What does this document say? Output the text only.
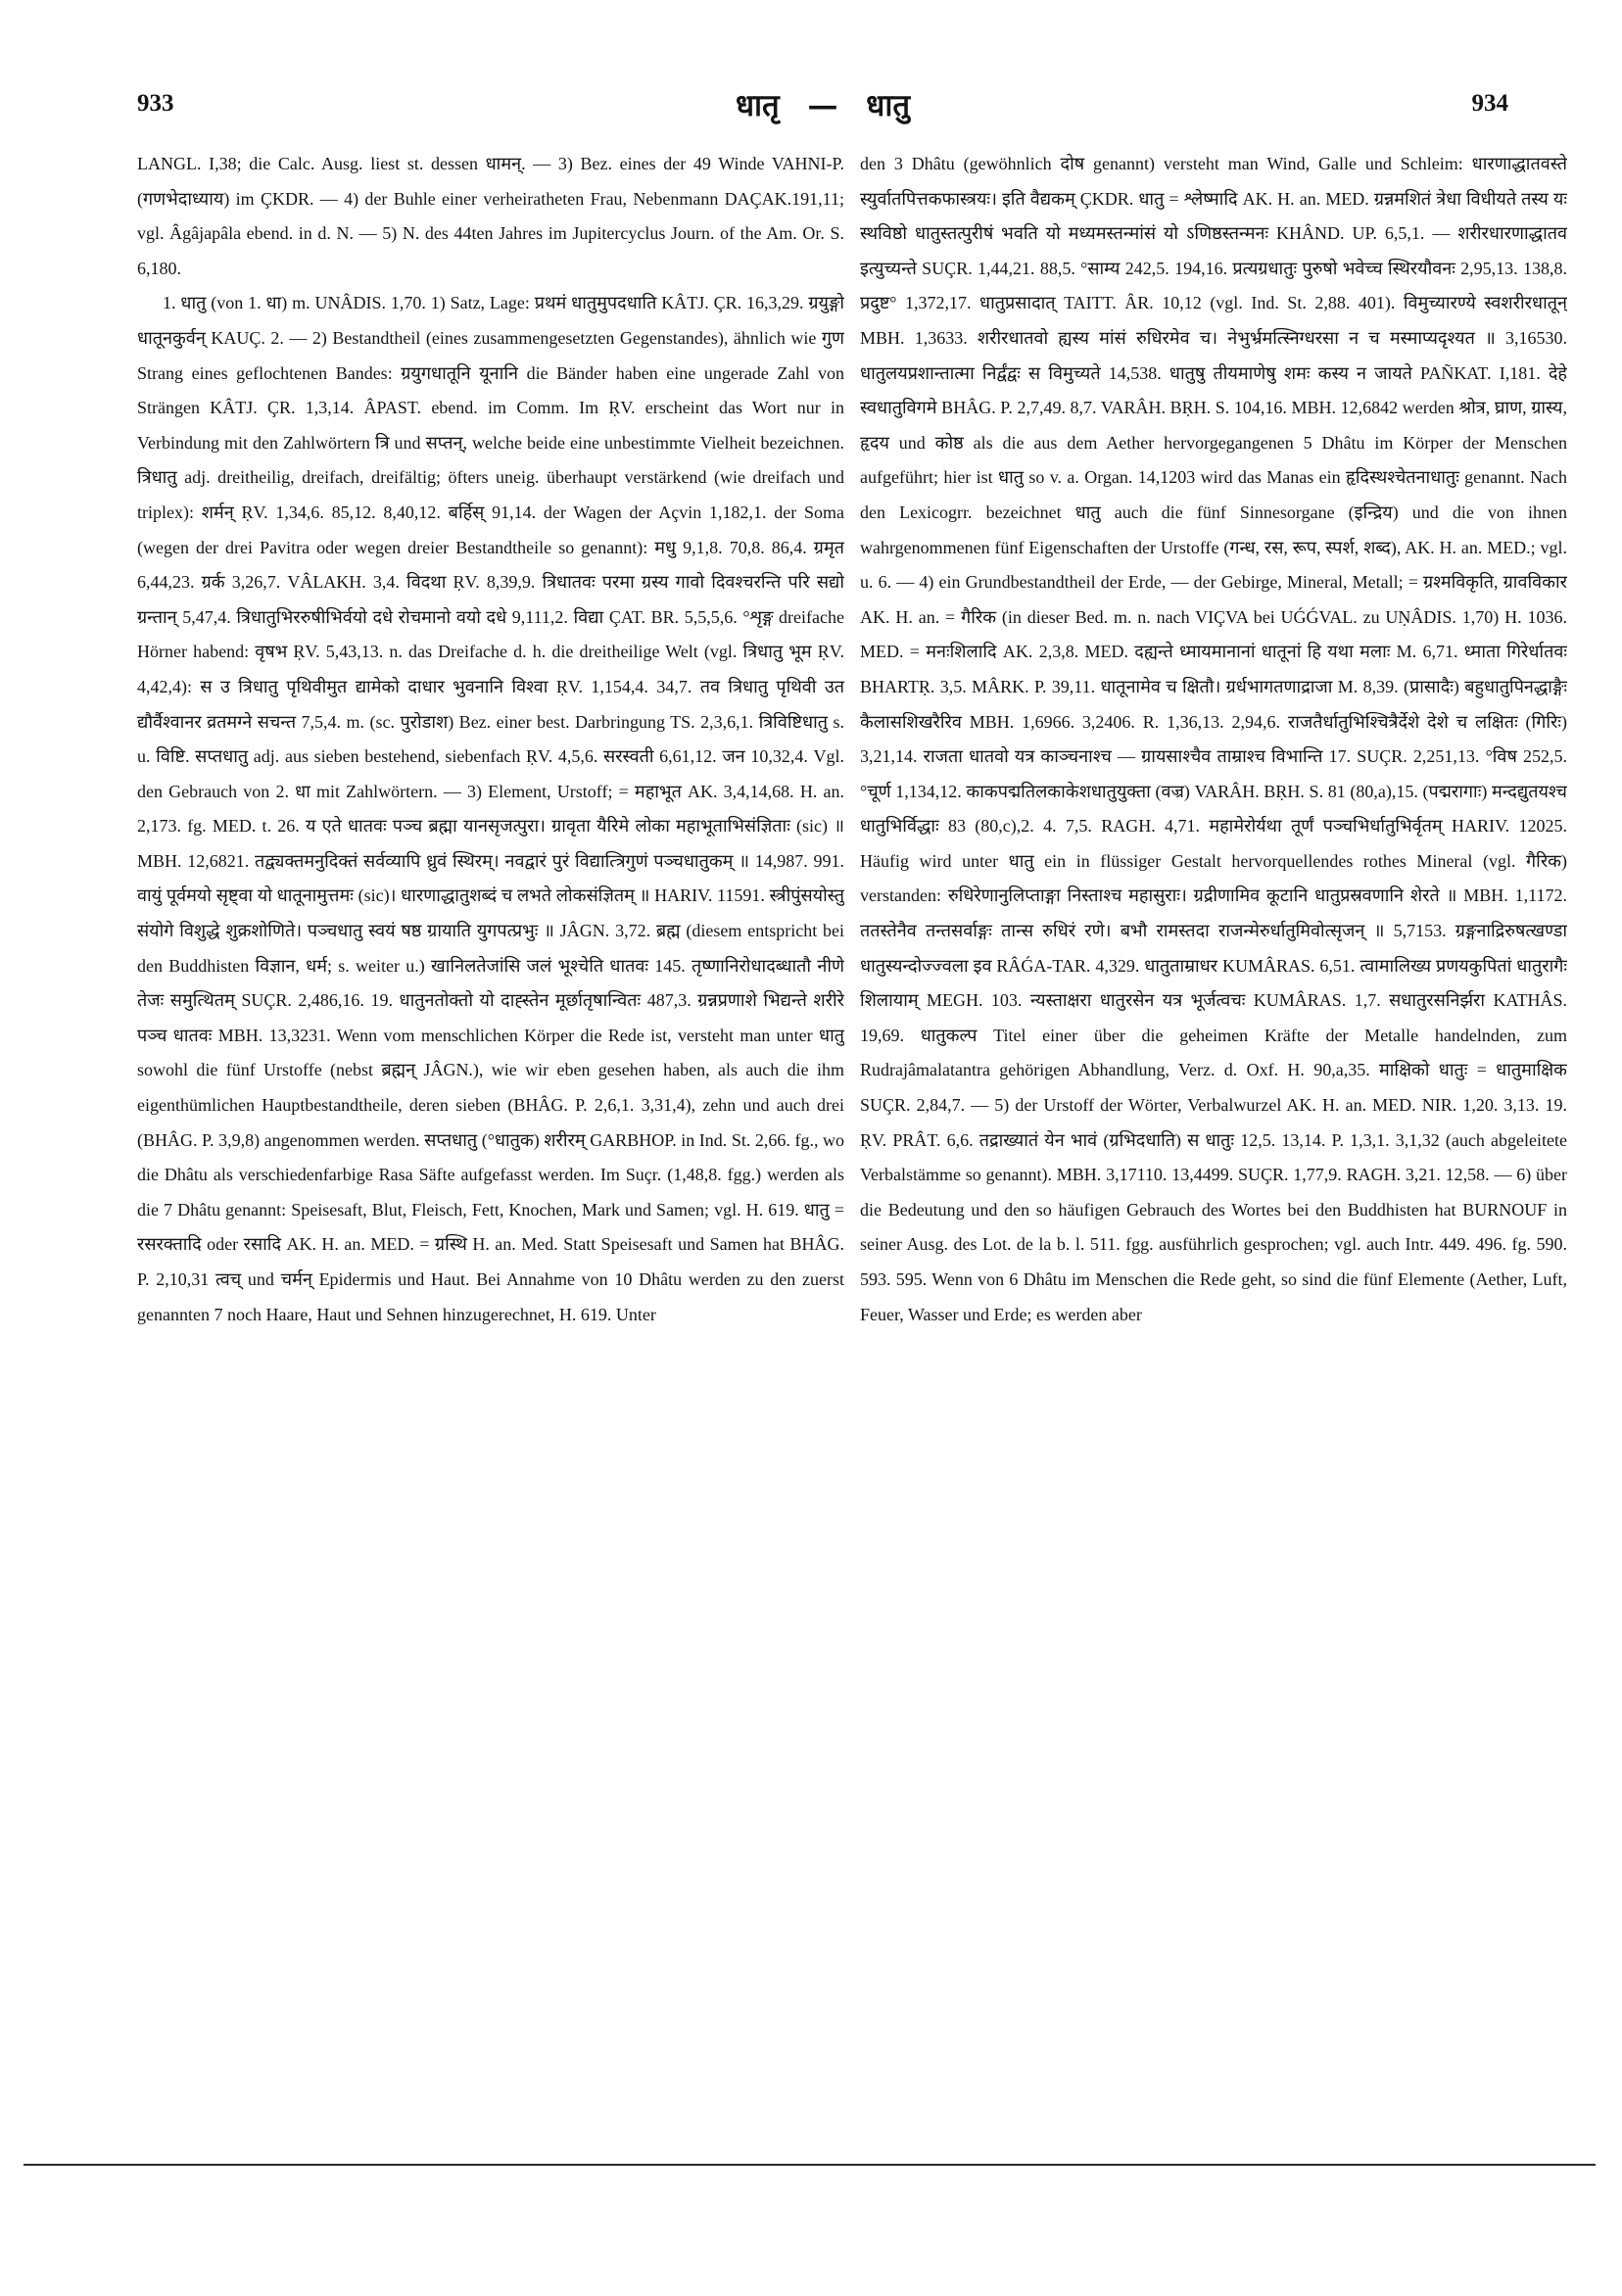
933	धातृ — धातु	934

LANGL. I,38; die Calc. Ausg. liest st. dessen धामन्. — 3) Bez. eines der 49 Winde VAHNI-P. (गणभेदाध्याय) im ÇKDR. — 4) der Buhle einer verheiratheten Frau, Nebenmann DAÇAK.191,11; vgl. Âgâjapâla ebend. in d. N. — 5) N. des 44ten Jahres im Jupitercyclus Journ. of the Am. Or. S. 6,180.

1. धातु (von 1. धा) m. UNÂDIS. 1,70. 1) Satz, Lage: प्रथमं धातुमुपदधाति KÂTJ. ÇR. 16,3,29. ग्रयुङ्गो धातूनकुर्वन् KAUÇ. 2. — 2) Bestandtheil (eines zusammengesetzten Gegenstandes), ähnlich wie गुण Strang eines geflochtenen Bandes: ग्रयुगधातूनि यूनानि die Bänder haben eine ungerade Zahl von Strängen KÂTJ. ÇR. 1,3,14. ÂPAST. ebend. im Comm. Im ṚV. erscheint das Wort nur in Verbindung mit den Zahlwörtern त्रि und सप्तन्, welche beide eine unbestimmte Vielheit bezeichnen. त्रिधातु adj. dreitheilig, dreifach, dreifältig; öfters uneig. überhaupt verstärkend (wie dreifach und triplex): शर्मन् ṚV. 1,34,6. 85,12. 8,40,12. बर्हिस् 91,14. der Wagen der Açvin 1,182,1. der Soma (wegen der drei Pavitra oder wegen dreier Bestandtheile so genannt): मधु 9,1,8. 70,8. 86,4. ग्रमृत 6,44,23. ग्रर्क 3,26,7. VÂLAKH. 3,4. विदथा ṚV. 8,39,9. त्रिधातवः परमा ग्रस्य गावो दिवश्चरन्ति परि सद्यो ग्रन्तान् 5,47,4. त्रिधातुभिररुषीभिर्वयो दधे रोचमानो वयो दधे 9,111,2. विद्या ÇAT. BR. 5,5,5,6. °शृङ्ग dreifache Hörner habend: वृषभ ṚV. 5,43,13. n. das Dreifache d. h. die dreitheilige Welt (vgl. त्रिधातु भूम ṚV. 4,42,4): स उ त्रिधातु पृथिवीमुत द्यामेको दाधार भुवनानि विश्वा ṚV. 1,154,4. 34,7. तव त्रिधातु पृथिवी उत द्यौर्वैश्वानर व्रतमग्ने सचन्त 7,5,4. m. (sc. पुरोडाश) Bez. einer best. Darbringung TS. 2,3,6,1. त्रिविष्टिधातु s. u. विष्टि. सप्तधातु adj. aus sieben bestehend, siebenfach ṚV. 4,5,6. सरस्वती 6,61,12. जन 10,32,4. Vgl. den Gebrauch von 2. धा mit Zahlwörtern. — 3) Element, Urstoff; = महाभूत AK. 3,4,14,68. H. an. 2,173. fg. MED. t. 26. य एते धातवः पञ्च ब्रह्मा यानसृजत्पुरा। ग्रावृता यैरिमे लोका महाभूताभिसंज्ञिताः (sic) ॥ MBH. 12,6821. तद्व्यक्तमनुदिक्तं सर्वव्यापि ध्रुवं स्थिरम्। नवद्वारं पुरं विद्यात्त्रिगुणं पञ्चधातुकम् ॥ 14,987. 991. वायुं पूर्वमयो सृष्ट्वा यो धातूनामुत्तमः (sic)। धारणाद्धातुशब्दं च लभते लोकसंज्ञितम् ॥ HARIV. 11591. स्त्रीपुंसयोस्तु संयोगे विशुद्धे शुक्रशोणिते। पञ्चधातु स्वयं षष्ठ ग्रायाति युगपत्प्रभुः ॥ JÂGN. 3,72. ब्रह्म (diesem entspricht bei den Buddhisten विज्ञान, धर्म; s. weiter u.) खानिलतेजांसि जलं भूश्चेति धातवः 145. तृष्णानिरोधादब्धातौ नीणे तेजः समुत्थितम् SUÇR. 2,486,16. 19. धातुनतोक्तो यो दाह्स्तेन मूर्छातृषान्वितः 487,3. ग्रन्नप्रणाशे भिद्यन्ते शरीरे पञ्च धातवः MBH. 13,3231. Wenn vom menschlichen Körper die Rede ist, versteht man unter धातु sowohl die fünf Urstoffe (nebst ब्रह्मन् JÂGN.), wie wir eben gesehen haben, als auch die ihm eigenthümlichen Hauptbestandtheile, deren sieben (BHÂG. P. 2,6,1. 3,31,4), zehn und auch drei (BHÂG. P. 3,9,8) angenommen werden. सप्तधातु (°धातुक) शरीरम् GARBHOP. in Ind. St. 2,66. fg., wo die Dhâtu als verschiedenfarbige Rasa Säfte aufgefasst werden. Im Suçr. (1,48,8. fgg.) werden als die 7 Dhâtu genannt: Speisesaft, Blut, Fleisch, Fett, Knochen, Mark und Samen; vgl. H. 619. धातु = रसरक्तादि oder रसादि AK. H. an. MED. = ग्रस्थि H. an. Med. Statt Speisesaft und Samen hat BHÂG. P. 2,10,31 त्वच् und चर्मन् Epidermis und Haut. Bei Annahme von 10 Dhâtu werden zu den zuerst genannten 7 noch Haare, Haut und Sehnen hinzugerechnet, H. 619. Unter

den 3 Dhâtu (gewöhnlich दोष genannt) versteht man Wind, Galle und Schleim: धारणाद्धातवस्ते स्युर्वातपित्तकफास्त्रयः। इति वैद्यकम् ÇKDR. धातु = श्लेष्मादि AK. H. an. MED. ग्रन्नमशितं त्रेधा विधीयते तस्य यः स्थविष्ठो धातुस्तत्पुरीषं भवति यो मध्यमस्तन्मांसं यो ऽणिष्ठस्तन्मनः KHÂND. UP. 6,5,1. — शरीरधारणाद्धातव इत्युच्यन्ते SUÇR. 1,44,21. 88,5. °साम्य 242,5. 194,16. प्रत्यग्रधातुः पुरुषो भवेच्च स्थिरयौवनः 2,95,13. 138,8. प्रदुष्ट° 1,372,17. धातुप्रसादात् TAITT. ÂR. 10,12 (vgl. Ind. St. 2,88. 401). विमुच्यारण्ये स्वशरीरधातून् MBH. 1,3633. शरीरधातवो ह्यस्य मांसं रुधिरमेव च। नेभुर्भ्रमत्स्निग्धरसा न च मस्माप्यदृश्यत ॥ 3,16530. धातुलयप्रशान्तात्मा निर्द्वंद्वः स विमुच्यते 14,538. धातुषु तीयमाणेषु शमः कस्य न जायते PAÑKAT. I,181. देहे स्वधातुविगमे BHÂG. P. 2,7,49. 8,7. VARÂH. BṚH. S. 104,16. MBH. 12,6842 werden श्रोत्र, घ्राण, ग्रास्य, हृदय und कोष्ठ als die aus dem Aether hervorgegangenen 5 Dhâtu im Körper der Menschen aufgeführt; hier ist धातु so v. a. Organ. 14,1203 wird das Manas ein हृदिस्थश्चेतनाधातुः genannt. Nach den Lexicogrr. bezeichnet धातु auch die fünf Sinnesorgane (इन्द्रिय) und die von ihnen wahrgenommenen fünf Eigenschaften der Urstoffe (गन्ध, रस, रूप, स्पर्श, शब्द), AK. H. an. MED.; vgl. u. 6. — 4) ein Grundbestandtheil der Erde, — der Gebirge, Mineral, Metall; = ग्रश्मविकृति, ग्रावविकार AK. H. an. = गैरिक (in dieser Bed. m. n. nach VIÇVA bei UǴǴVAL. zu UṆÂDIS. 1,70) H. 1036. MED. = मनःशिलादि AK. 2,3,8. MED. दह्यन्ते ध्मायमानानां धातूनां हि यथा मलाः M. 6,71. ध्माता गिरेर्धातवः BHARTṚ. 3,5. MÂRK. P. 39,11. धातूनामेव च क्षितौ। ग्रर्धभागतणाद्राजा M. 8,39. (प्रासादैः) बहुधातुपिनद्धाङ्गैः कैलासशिखरैरिव MBH. 1,6966. 3,2406. R. 1,36,13. 2,94,6. राजतैर्धातुभिश्चित्रैर्देशे देशे च लक्षितः (गिरिः) 3,21,14. राजता धातवो यत्र काञ्चनाश्च — ग्रायसाश्चैव ताम्राश्च विभान्ति 17. SUÇR. 2,251,13. °विष 252,5. °चूर्ण 1,134,12. काकपद्मतिलकाकेशधातुयुक्ता (वज्र) VARÂH. BṚH. S. 81 (80,a),15. (पद्मरागाः) मन्दद्युतयश्च धातुभिर्विद्धाः 83 (80,c),2. 4. 7,5. RAGH. 4,71. महामेरोर्यथा तूर्णं पञ्चभिर्धातुभिर्वृतम् HARIV. 12025. Häufig wird unter धातु ein in flüssiger Gestalt hervorquellendes rothes Mineral (vgl. गैरिक) verstanden: रुधिरेणानुलिप्ताङ्गा निस्ताश्च महासुराः। ग्रद्रीणामिव कूटानि धातुप्रस्रवणानि शेरते ॥ MBH. 1,1172. ततस्तेनैव तन्तसर्वाङ्गः तान्स रुधिरं रणे। बभौ रामस्तदा राजन्मेरुर्धातुमिवोत्सृजन् ॥ 5,7153. ग्रङ्गनाद्रिरुषत्खण्डा धातुस्यन्दोज्ज्वला इव RÂǴA-TAR. 4,329. धातुताम्राधर KUMÂRAS. 6,51. त्वामालिख्य प्रणयकुपितां धातुरागैः शिलायाम् MEGH. 103. न्यस्ताक्षरा धातुरसेन यत्र भूर्जत्वचः KUMÂRAS. 1,7. सधातुरसनिर्झरा KATHÂS. 19,69. धातुकल्प Titel einer über die geheimen Kräfte der Metalle handelnden, zum Rudrajâmalatantra gehörigen Abhandlung, Verz. d. Oxf. H. 90,a,35. माक्षिको धातुः = धातुमाक्षिक SUÇR. 2,84,7. — 5) der Urstoff der Wörter, Verbalwurzel AK. H. an. MED. NIR. 1,20. 3,13. 19. ṚV. PRÂT. 6,6. तद्राख्यातं येन भावं (ग्रभिदधाति) स धातुः 12,5. 13,14. P. 1,3,1. 3,1,32 (auch abgeleitete Verbalstämme so genannt). MBH. 3,17110. 13,4499. SUÇR. 1,77,9. RAGH. 3,21. 12,58. — 6) über die Bedeutung und den so häufigen Gebrauch des Wortes bei den Buddhisten hat BURNOUF in seiner Ausg. des Lot. de la b. l. 511. fgg. ausführlich gesprochen; vgl. auch Intr. 449. 496. fg. 590. 593. 595. Wenn von 6 Dhâtu im Menschen die Rede geht, so sind die fünf Elemente (Aether, Luft, Feuer, Wasser und Erde; es werden aber
